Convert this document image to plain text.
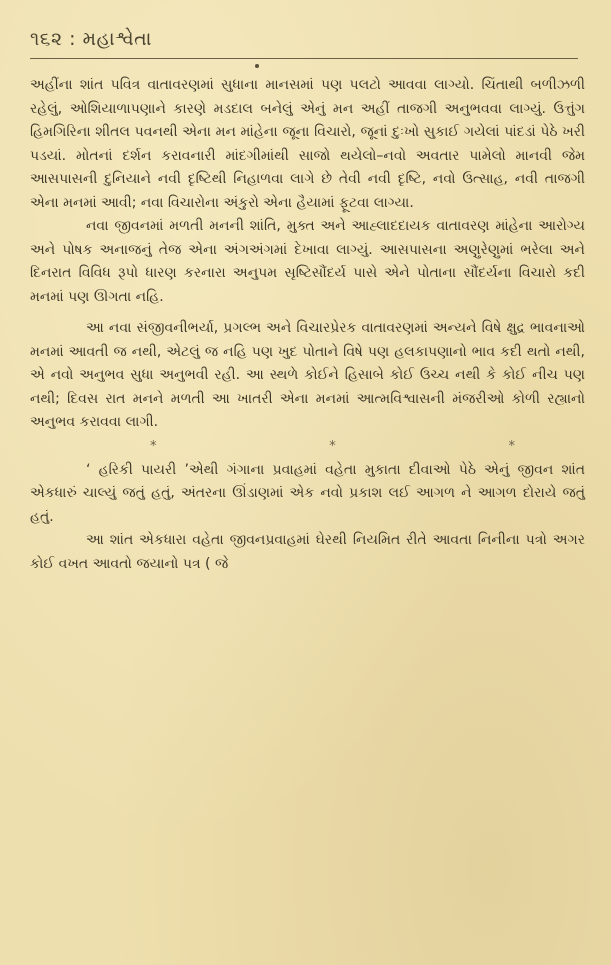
૧૬૨ : મહાશ્વેતા

અહીંના શાંત પવિત્ર વાતાવરણમાં સુધાના માનસમાં પણ પલટો આવવા લાગ્યો. ચિંતાથી બળીઝળી રહેલું, ઓશિયાળાપણાને કારણે મડદાલ બનેલું એનું મન અહીં તાજગી અનુભવવા લાગ્યું. ઉત્તુંગ હિમગિરિના શીતલ પવનથી એના મન માંહેના જૂના વિચારો, જૂનાં દુઃખો સુકાઈ ગયેલાં પાંદડાં પેઠે ખરી પડયાં. મોતનાં દર્શન કરાવનારી માંદગીમાંથી સાજો થયેલો–નવો અવતાર પામેલો માનવી જેમ આસપાસની દુનિયાને નવી દૃષ્ટિથી નિહાળવા લાગે છે તેવી નવી દૃષ્ટિ, નવો ઉત્સાહ, નવી તાજગી એના મનમાં આવી; નવા વિચારોના અંકુરો એના હૈયામાં ફૂટવા લાગ્યા.

નવા જીવનમાં મળતી મનની શાંતિ, મુક્ત અને આહ્લાદદાયક વાતાવરણ માંહેના આરોગ્ય અને પોષક અનાજનું તેજ એના અંગઅંગમાં દેખાવા લાગ્યું. આસપાસના અણુરેણુમાં ભરેલા અને દિનરાત વિવિધ રૂપો ધારણ કરનારા અનુપમ સૃષ્ટિસૌંદર્ય પાસે એને પોતાના સૌંદર્યના વિચારો કદી મનમાં પણ ઊગતા નહિ.

આ નવા સંજીવનીભર્યા, પ્રગલ્ભ અને વિચારપ્રેરક વાતાવરણમાં અન્યને વિષે ક્ષુદ્ર ભાવનાઓ મનમાં આવતી જ નથી, એટલું જ નહિ પણ ખુદ પોતાને વિષે પણ હલકાપણાનો ભાવ કદી થતો નથી, એ નવો અનુભવ સુધા અનુભવી રહી. આ સ્થળે કોઈને હિસાબે કોઈ ઉચ્ચ નથી કે કોઈ નીચ પણ નથી; દિવસ રાત મનને મળતી આ ખાતરી એના મનમાં આત્મવિશ્વાસની મંજરીઓ કોળી રહ્યાનો અનુભવ કરાવવા લાગી.

*	*	*

‘ હરિકી પાયરી ’એથી ગંગાના પ્રવાહમાં વહેતા મુકાતા દીવાઓ પેઠે એનું જીવન શાંત એકધારું ચાલ્યું જતું હતું, અંતરના ઊંડાણમાં એક નવો પ્રકાશ લઈ આગળ ને આગળ દોરાયે જતું હતું.

આ શાંત એકધારા વહેતા જીવનપ્રવાહમાં ઘેરથી નિયમિત રીતે આવતા નિનીના પત્રો અગર કોઈ વખત આવતો જયાનો પત્ર ( જે
